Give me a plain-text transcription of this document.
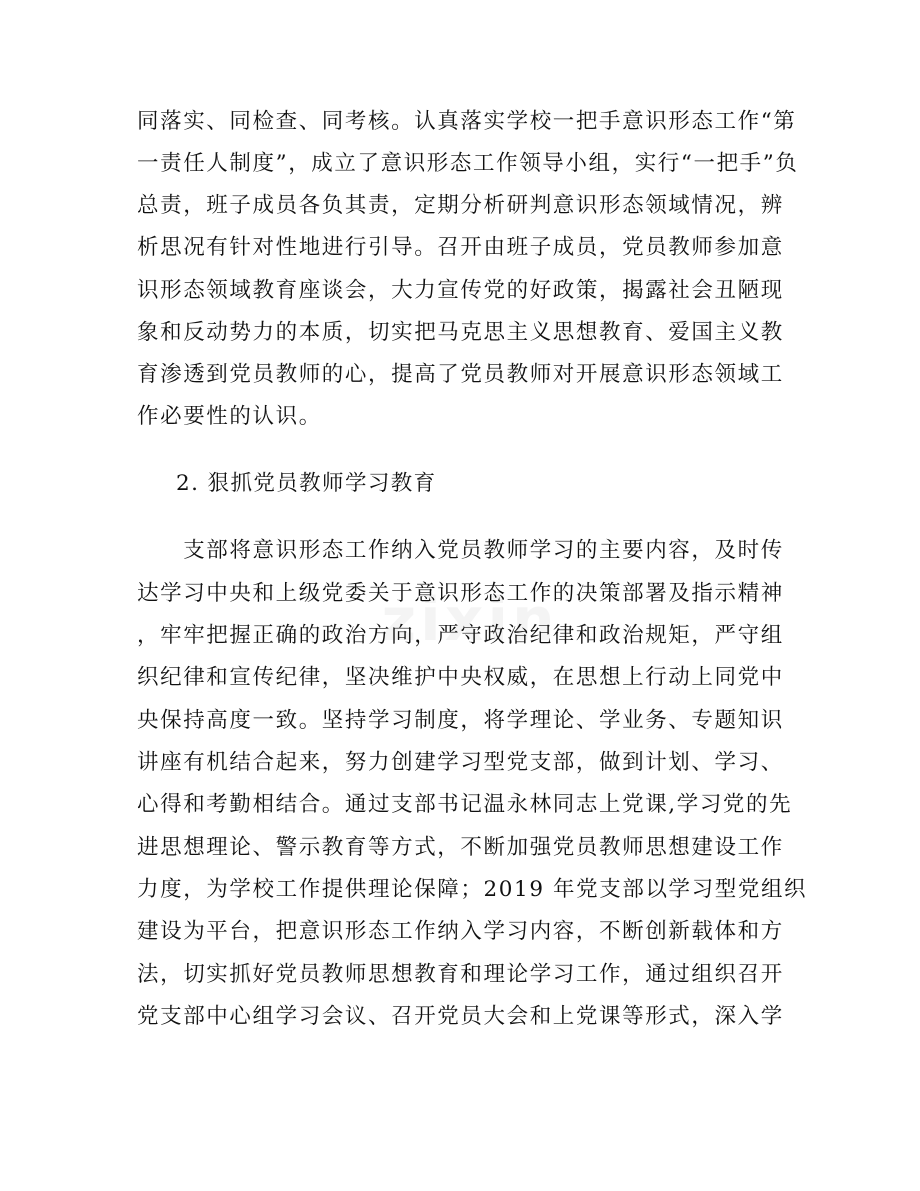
同落实、同检查、同考核。认真落实学校一把手意识形态工作“第
一责任人制度”，成立了意识形态工作领导小组，实行“一把手”负
总责，班子成员各负其责，定期分析研判意识形态领域情况，辨
析思况有针对性地进行引导。召开由班子成员，党员教师参加意
识形态领域教育座谈会，大力宣传党的好政策，揭露社会丑陋现
象和反动势力的本质，切实把马克思主义思想教育、爱国主义教
育渗透到党员教师的心，提高了党员教师对开展意识形态领域工
作必要性的认识。
2. 狠抓党员教师学习教育
　　支部将意识形态工作纳入党员教师学习的主要内容，及时传
达学习中央和上级党委关于意识形态工作的决策部署及指示精神
，牢牢把握正确的政治方向，严守政治纪律和政治规矩，严守组
织纪律和宣传纪律，坚决维护中央权威，在思想上行动上同党中
央保持高度一致。坚持学习制度，将学理论、学业务、专题知识
讲座有机结合起来，努力创建学习型党支部，做到计划、学习、
心得和考勤相结合。通过支部书记温永林同志上党课,学习党的先
进思想理论、警示教育等方式，不断加强党员教师思想建设工作
力度，为学校工作提供理论保障；2019 年党支部以学习型党组织
建设为平台，把意识形态工作纳入学习内容，不断创新载体和方
法，切实抓好党员教师思想教育和理论学习工作，通过组织召开
党支部中心组学习会议、召开党员大会和上党课等形式，深入学
